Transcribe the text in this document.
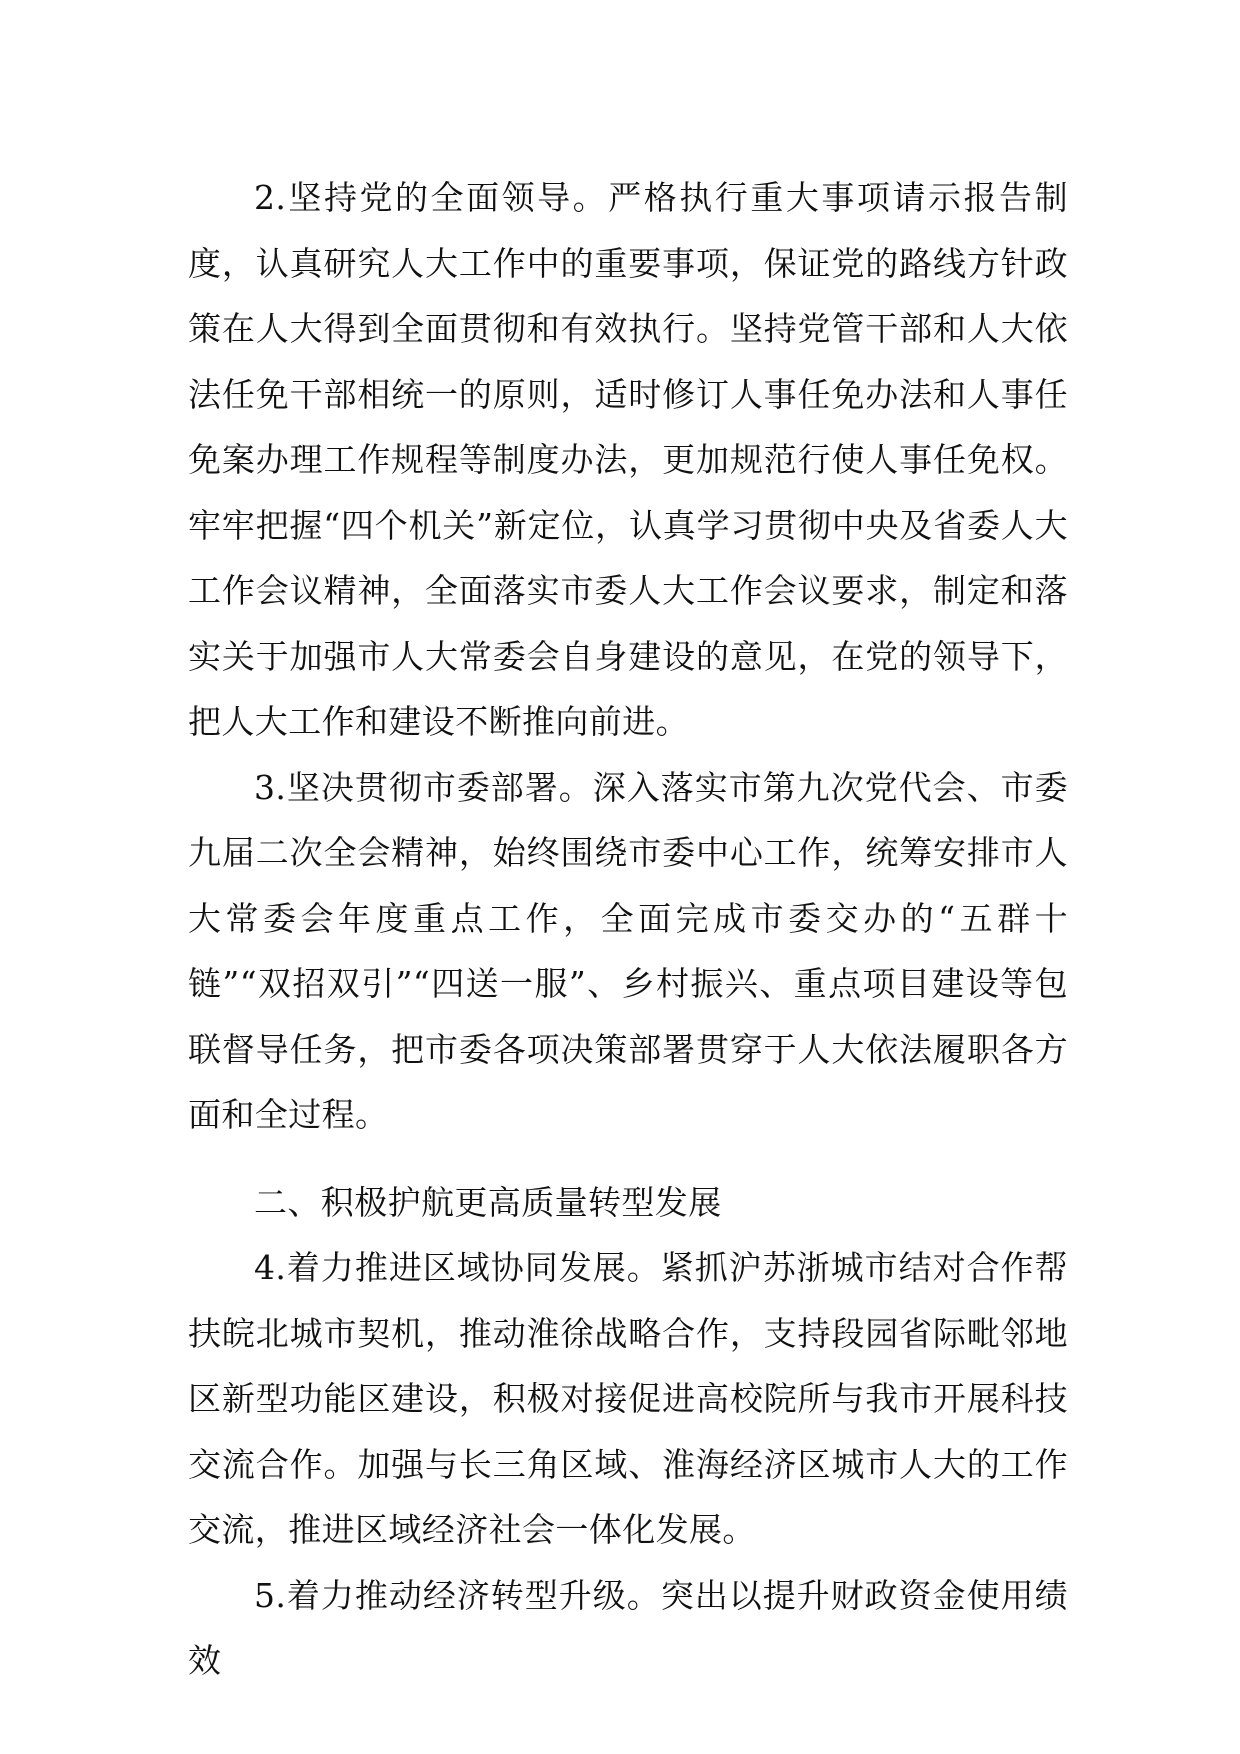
2.坚持党的全面领导。严格执行重大事项请示报告制度，认真研究人大工作中的重要事项，保证党的路线方针政策在人大得到全面贯彻和有效执行。坚持党管干部和人大依法任免干部相统一的原则，适时修订人事任免办法和人事任免案办理工作规程等制度办法，更加规范行使人事任免权。牢牢把握“四个机关”新定位，认真学习贯彻中央及省委人大工作会议精神，全面落实市委人大工作会议要求，制定和落实关于加强市人大常委会自身建设的意见，在党的领导下，把人大工作和建设不断推向前进。

3.坚决贯彻市委部署。深入落实市第九次党代会、市委九届二次全会精神，始终围绕市委中心工作，统筹安排市人大常委会年度重点工作，全面完成市委交办的“五群十链”“双招双引”“四送一服”、乡村振兴、重点项目建设等包联督导任务，把市委各项决策部署贯穿于人大依法履职各方面和全过程。

二、积极护航更高质量转型发展

4.着力推进区域协同发展。紧抓沪苏浙城市结对合作帮扶皖北城市契机，推动淮徐战略合作，支持段园省际毗邻地区新型功能区建设，积极对接促进高校院所与我市开展科技交流合作。加强与长三角区域、淮海经济区城市人大的工作交流，推进区域经济社会一体化发展。

5.着力推动经济转型升级。突出以提升财政资金使用绩效
